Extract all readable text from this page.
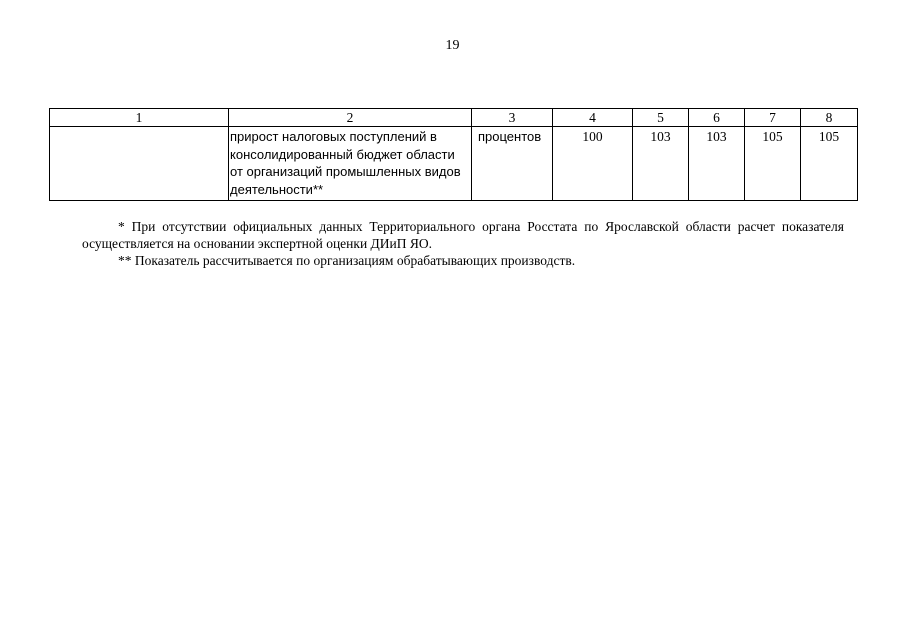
19
1	2	3	4	5	6	7	8
	прирост налоговых поступлений в консолидированный бюджет области от организаций промышленных видов деятельности**	процентов	100	103	103	105	105

* При отсутствии официальных данных Территориального органа Росстата по Ярославской области расчет показателя осуществляется на основании экспертной оценки ДИиП ЯО.

** Показатель рассчитывается по организациям обрабатывающих производств.
